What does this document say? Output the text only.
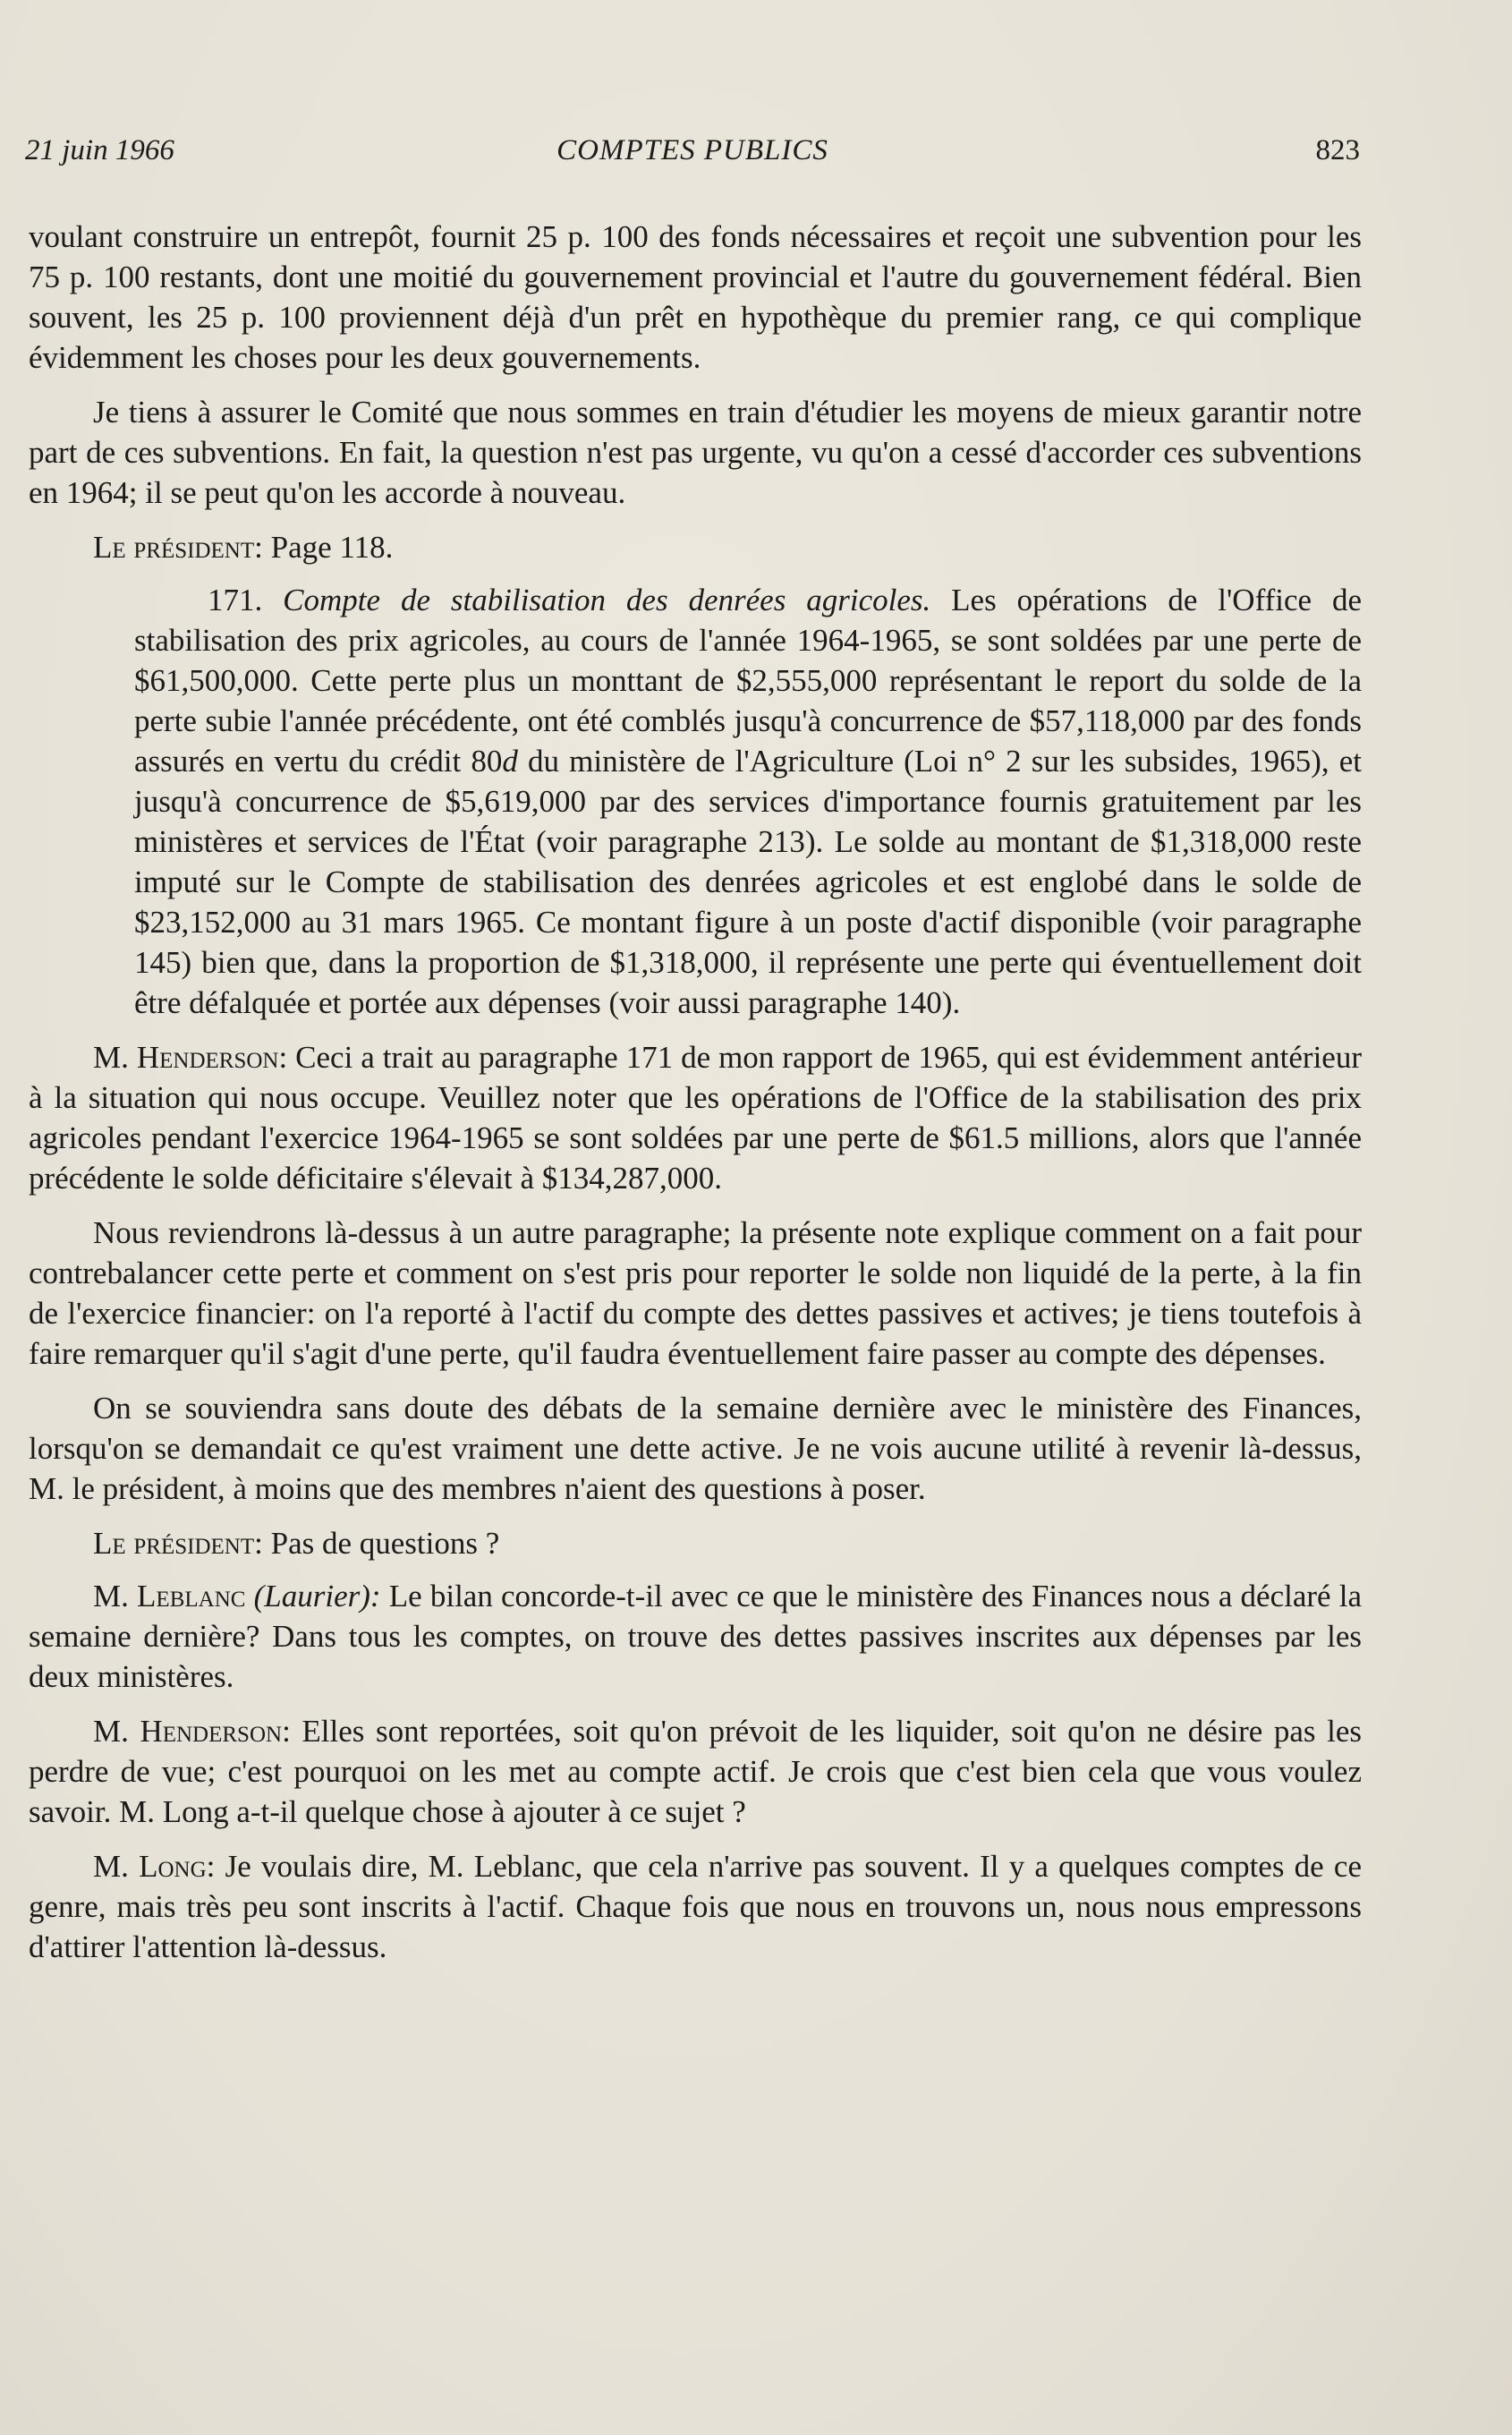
21 juin 1966	COMPTES PUBLICS	823

voulant construire un entrepôt, fournit 25 p. 100 des fonds nécessaires et reçoit une subvention pour les 75 p. 100 restants, dont une moitié du gouvernement provincial et l'autre du gouvernement fédéral. Bien souvent, les 25 p. 100 proviennent déjà d'un prêt en hypothèque du premier rang, ce qui complique évidemment les choses pour les deux gouvernements.

Je tiens à assurer le Comité que nous sommes en train d'étudier les moyens de mieux garantir notre part de ces subventions. En fait, la question n'est pas urgente, vu qu'on a cessé d'accorder ces subventions en 1964; il se peut qu'on les accorde à nouveau.

Le président: Page 118.

171. Compte de stabilisation des denrées agricoles. Les opérations de l'Office de stabilisation des prix agricoles, au cours de l'année 1964-1965, se sont soldées par une perte de $61,500,000. Cette perte plus un monttant de $2,555,000 représentant le report du solde de la perte subie l'année précédente, ont été comblés jusqu'à concurrence de $57,118,000 par des fonds assurés en vertu du crédit 80d du ministère de l'Agriculture (Loi n° 2 sur les subsides, 1965), et jusqu'à concurrence de $5,619,000 par des services d'importance fournis gratuitement par les ministères et services de l'État (voir paragraphe 213). Le solde au montant de $1,318,000 reste imputé sur le Compte de stabilisation des denrées agricoles et est englobé dans le solde de $23,152,000 au 31 mars 1965. Ce montant figure à un poste d'actif disponible (voir paragraphe 145) bien que, dans la proportion de $1,318,000, il représente une perte qui éventuellement doit être défalquée et portée aux dépenses (voir aussi paragraphe 140).

M. Henderson: Ceci a trait au paragraphe 171 de mon rapport de 1965, qui est évidemment antérieur à la situation qui nous occupe. Veuillez noter que les opérations de l'Office de la stabilisation des prix agricoles pendant l'exercice 1964-1965 se sont soldées par une perte de $61.5 millions, alors que l'année précédente le solde déficitaire s'élevait à $134,287,000.

Nous reviendrons là-dessus à un autre paragraphe; la présente note explique comment on a fait pour contrebalancer cette perte et comment on s'est pris pour reporter le solde non liquidé de la perte, à la fin de l'exercice financier: on l'a reporté à l'actif du compte des dettes passives et actives; je tiens toutefois à faire remarquer qu'il s'agit d'une perte, qu'il faudra éventuellement faire passer au compte des dépenses.

On se souviendra sans doute des débats de la semaine dernière avec le ministère des Finances, lorsqu'on se demandait ce qu'est vraiment une dette active. Je ne vois aucune utilité à revenir là-dessus, M. le président, à moins que des membres n'aient des questions à poser.

Le président: Pas de questions ?

M. Leblanc (Laurier): Le bilan concorde-t-il avec ce que le ministère des Finances nous a déclaré la semaine dernière? Dans tous les comptes, on trouve des dettes passives inscrites aux dépenses par les deux ministères.

M. Henderson: Elles sont reportées, soit qu'on prévoit de les liquider, soit qu'on ne désire pas les perdre de vue; c'est pourquoi on les met au compte actif. Je crois que c'est bien cela que vous voulez savoir. M. Long a-t-il quelque chose à ajouter à ce sujet ?

M. Long: Je voulais dire, M. Leblanc, que cela n'arrive pas souvent. Il y a quelques comptes de ce genre, mais très peu sont inscrits à l'actif. Chaque fois que nous en trouvons un, nous nous empressons d'attirer l'attention là-dessus.
